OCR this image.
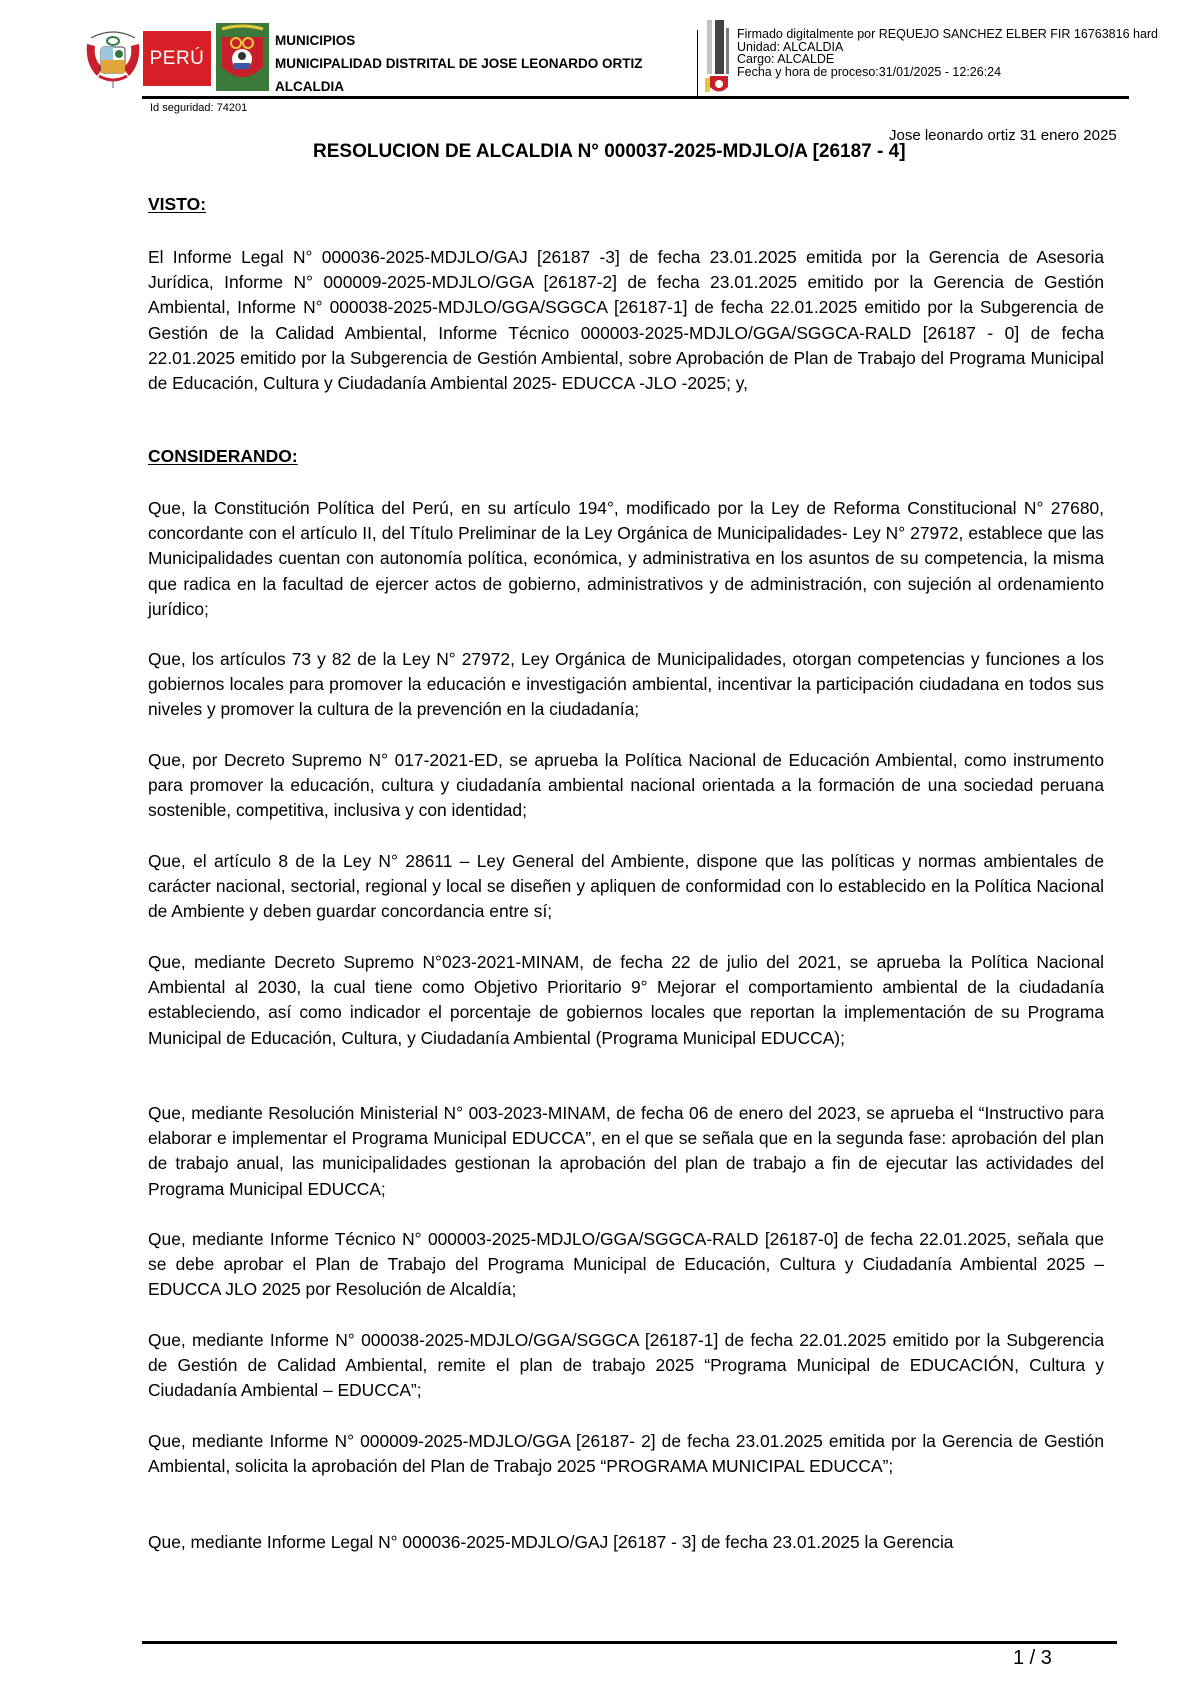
PERÚ
MUNICIPIOS
MUNICIPALIDAD DISTRITAL DE JOSE LEONARDO ORTIZ
ALCALDIA
Id seguridad: 74201
Firmado digitalmente por REQUEJO SANCHEZ ELBER FIR 16763816 hard
Unidad: ALCALDIA
Cargo: ALCALDE
Fecha y hora de proceso:31/01/2025 - 12:26:24
Jose leonardo ortiz 31 enero 2025
RESOLUCION DE ALCALDIA N° 000037-2025-MDJLO/A [26187 - 4]
VISTO:
El Informe Legal N° 000036-2025-MDJLO/GAJ [26187 -3] de fecha 23.01.2025 emitida por la Gerencia de Asesoria Jurídica, Informe N° 000009-2025-MDJLO/GGA [26187-2] de fecha 23.01.2025 emitido por la Gerencia de Gestión Ambiental, Informe N° 000038-2025-MDJLO/GGA/SGGCA [26187-1] de fecha 22.01.2025 emitido por la Subgerencia de Gestión de la Calidad Ambiental, Informe Técnico 000003-2025-MDJLO/GGA/SGGCA-RALD [26187 - 0] de fecha 22.01.2025 emitido por la Subgerencia de Gestión Ambiental, sobre Aprobación de Plan de Trabajo del Programa Municipal de Educación, Cultura y Ciudadanía Ambiental 2025- EDUCCA -JLO -2025; y,
CONSIDERANDO:
Que, la Constitución Política del Perú, en su artículo 194°, modificado por la Ley de Reforma Constitucional N° 27680, concordante con el artículo II, del Título Preliminar de la Ley Orgánica de Municipalidades- Ley N° 27972, establece que las Municipalidades cuentan con autonomía política, económica, y administrativa en los asuntos de su competencia, la misma que radica en la facultad de ejercer actos de gobierno, administrativos y de administración, con sujeción al ordenamiento jurídico;
Que, los artículos 73 y 82 de la Ley N° 27972, Ley Orgánica de Municipalidades, otorgan competencias y funciones a los gobiernos locales para promover la educación e investigación ambiental, incentivar la participación ciudadana en todos sus niveles y promover la cultura de la prevención en la ciudadanía;
Que, por Decreto Supremo N° 017-2021-ED, se aprueba la Política Nacional de Educación Ambiental, como instrumento para promover la educación, cultura y ciudadanía ambiental nacional orientada a la formación de una sociedad peruana sostenible, competitiva, inclusiva y con identidad;
Que, el artículo 8 de la Ley N° 28611 – Ley General del Ambiente, dispone que las políticas y normas ambientales de carácter nacional, sectorial, regional y local se diseñen y apliquen de conformidad con lo establecido en la Política Nacional de Ambiente y deben guardar concordancia entre sí;
Que, mediante Decreto Supremo N°023-2021-MINAM, de fecha 22 de julio del 2021, se aprueba la Política Nacional Ambiental al 2030, la cual tiene como Objetivo Prioritario 9° Mejorar el comportamiento ambiental de la ciudadanía estableciendo, así como indicador el porcentaje de gobiernos locales que reportan la implementación de su Programa Municipal de Educación, Cultura, y Ciudadanía Ambiental (Programa Municipal EDUCCA);
Que, mediante Resolución Ministerial N° 003-2023-MINAM, de fecha 06 de enero del 2023, se aprueba el “Instructivo para elaborar e implementar el Programa Municipal EDUCCA”, en el que se señala que en la segunda fase: aprobación del plan de trabajo anual, las municipalidades gestionan la aprobación del plan de trabajo a fin de ejecutar las actividades del Programa Municipal EDUCCA;
Que, mediante Informe Técnico N° 000003-2025-MDJLO/GGA/SGGCA-RALD [26187-0] de fecha 22.01.2025, señala que se debe aprobar el Plan de Trabajo del Programa Municipal de Educación, Cultura y Ciudadanía Ambiental 2025 – EDUCCA JLO 2025 por Resolución de Alcaldía;
Que, mediante Informe N° 000038-2025-MDJLO/GGA/SGGCA [26187-1] de fecha 22.01.2025 emitido por la Subgerencia de Gestión de Calidad Ambiental, remite el plan de trabajo 2025 “Programa Municipal de EDUCACIÓN, Cultura y Ciudadanía Ambiental – EDUCCA”;
Que, mediante Informe N° 000009-2025-MDJLO/GGA [26187- 2] de fecha 23.01.2025 emitida por la Gerencia de Gestión Ambiental, solicita la aprobación del Plan de Trabajo 2025 “PROGRAMA MUNICIPAL EDUCCA”;
Que, mediante Informe Legal N° 000036-2025-MDJLO/GAJ [26187 - 3] de fecha 23.01.2025 la Gerencia
1 / 3
